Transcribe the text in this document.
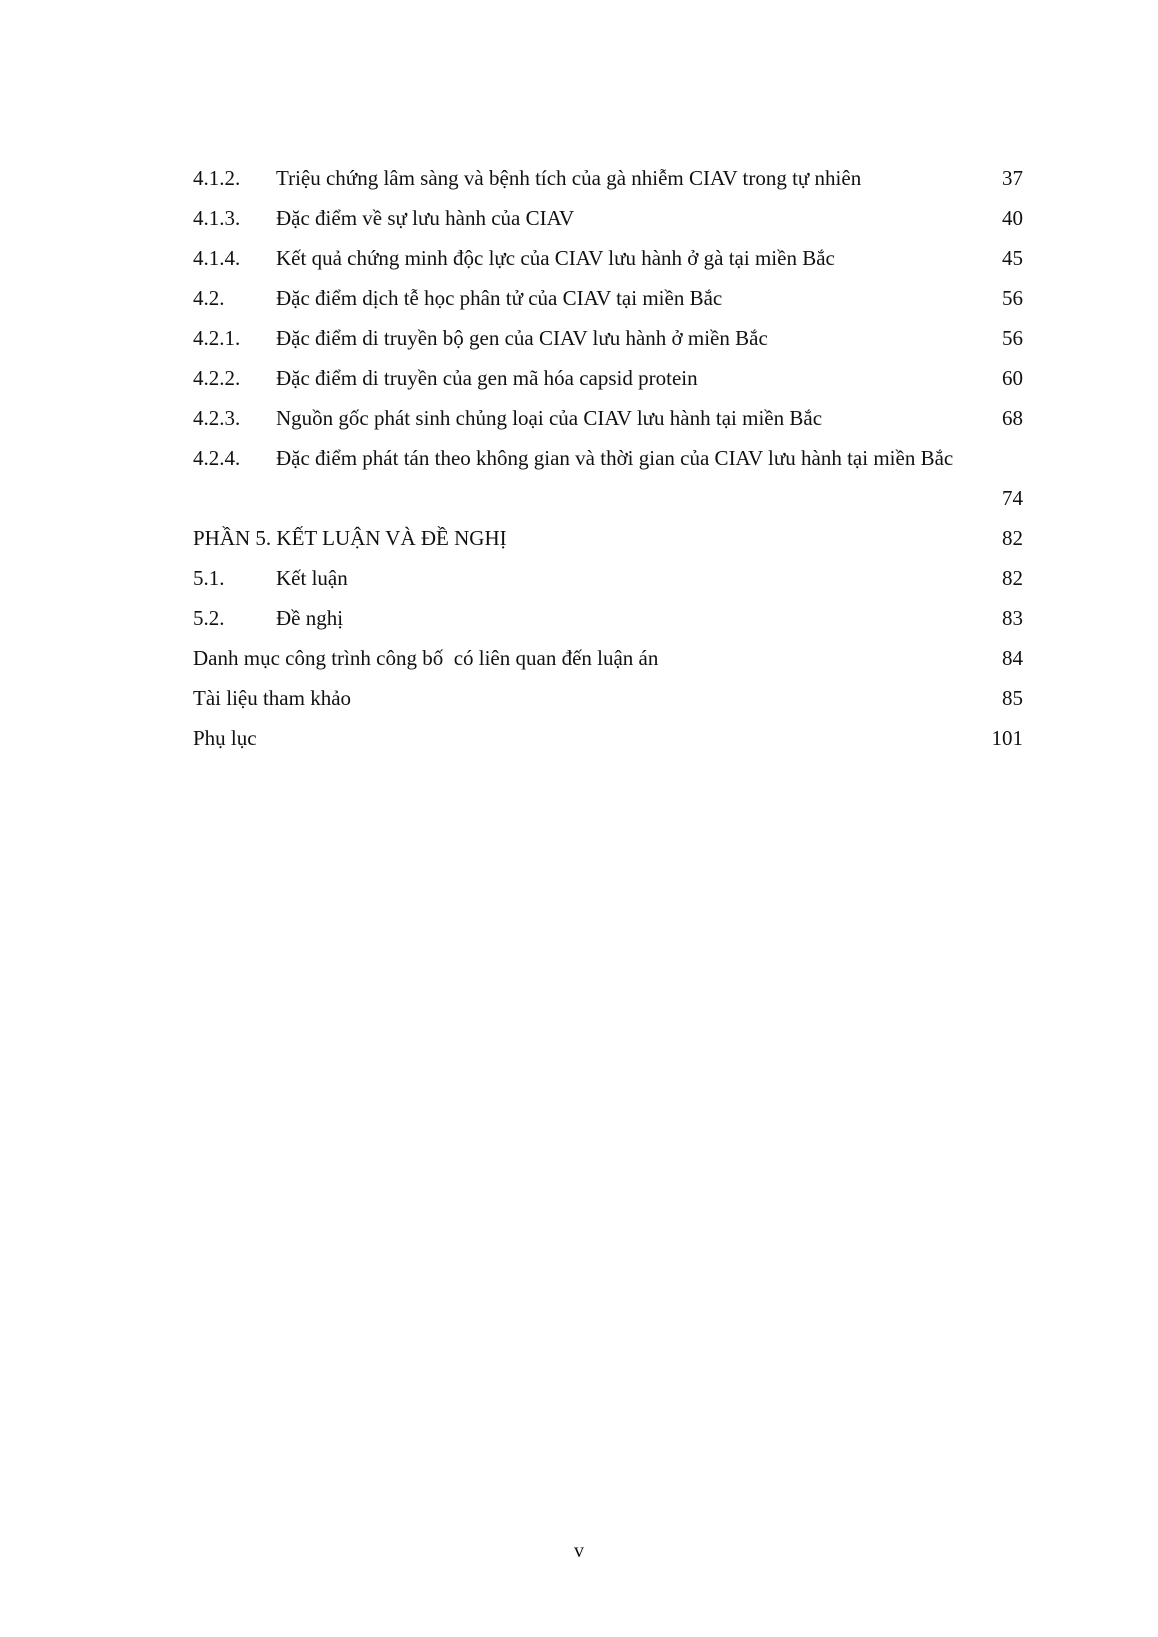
4.1.2. Triệu chứng lâm sàng và bệnh tích của gà nhiễm CIAV trong tự nhiên	37
4.1.3. Đặc điểm về sự lưu hành của CIAV	40
4.1.4. Kết quả chứng minh độc lực của CIAV lưu hành ở gà tại miền Bắc	45
4.2. Đặc điểm dịch tễ học phân tử của CIAV tại miền Bắc	56
4.2.1. Đặc điểm di truyền bộ gen của CIAV lưu hành ở miền Bắc	56
4.2.2. Đặc điểm di truyền của gen mã hóa capsid protein	60
4.2.3. Nguồn gốc phát sinh chủng loại của CIAV lưu hành tại miền Bắc	68
4.2.4. Đặc điểm phát tán theo không gian và thời gian của CIAV lưu hành tại miền Bắc
74
PHẦN 5. KẾT LUẬN VÀ ĐỀ NGHỊ	82
5.1. Kết luận	82
5.2. Đề nghị	83
Danh mục công trình công bố  có liên quan đến luận án	84
Tài liệu tham khảo	85
Phụ lục	101
v
